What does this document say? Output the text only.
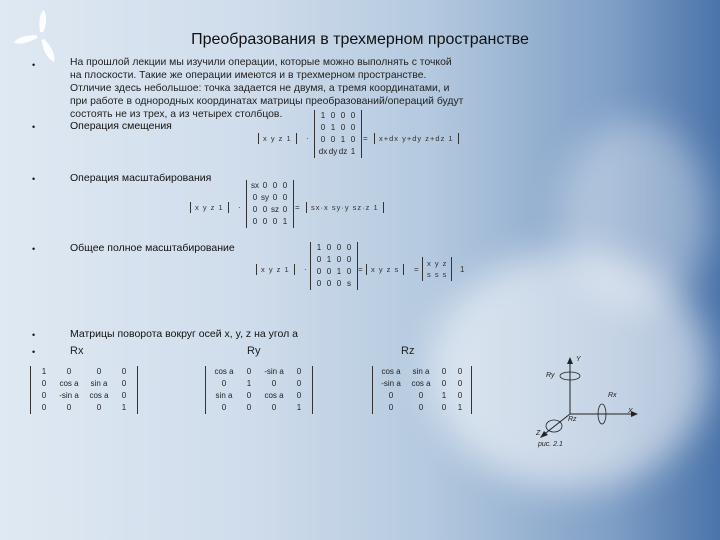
Преобразования в трехмерном пространстве
•	На прошлой лекции мы изучили операции, которые можно выполнять с точкой на плоскости. Такие же операции имеются и в трехмерном пространстве. Отличие здесь небольшое: точка задается не двумя, а тремя координатами, и при работе в однородных координатах матрицы преобразований/операций будут состоять не из трех, а из четырех столбцов.
•	Операция смещения
x y z 1	·
1 0 0 0
0 1 0 0
0 0 1 0
dx dy dz 1
=	x+dx y+dy z+dz 1
•	Операция масштабирования
x y z 1	·
sx 0 0 0
0 sy 0 0
0 0 sz 0
0 0 0 1
=	sx·x sy·y sz·z 1
•	Общее полное масштабирование
x y z 1	·
1 0 0 0
0 1 0 0
0 0 1 0
0 0 0 s
=	x y z s	=
x y z
s s s
1
•	Матрицы поворота вокруг осей x, y, z на угол a
•	Rx	Ry	Rz
1	0	0	0
0	cos a	sin a	0
0	-sin a	cos a	0
0	0	0	1
cos a	0	-sin a	0
0	1	0	0
sin a	0	cos a	0
0	0	0	1
cos a	sin a	0	0
-sin a	cos a	0	0
0	0	1	0
0	0	0	1
Y
Ry
Rx
X
Rz
Z
рис. 2.1
